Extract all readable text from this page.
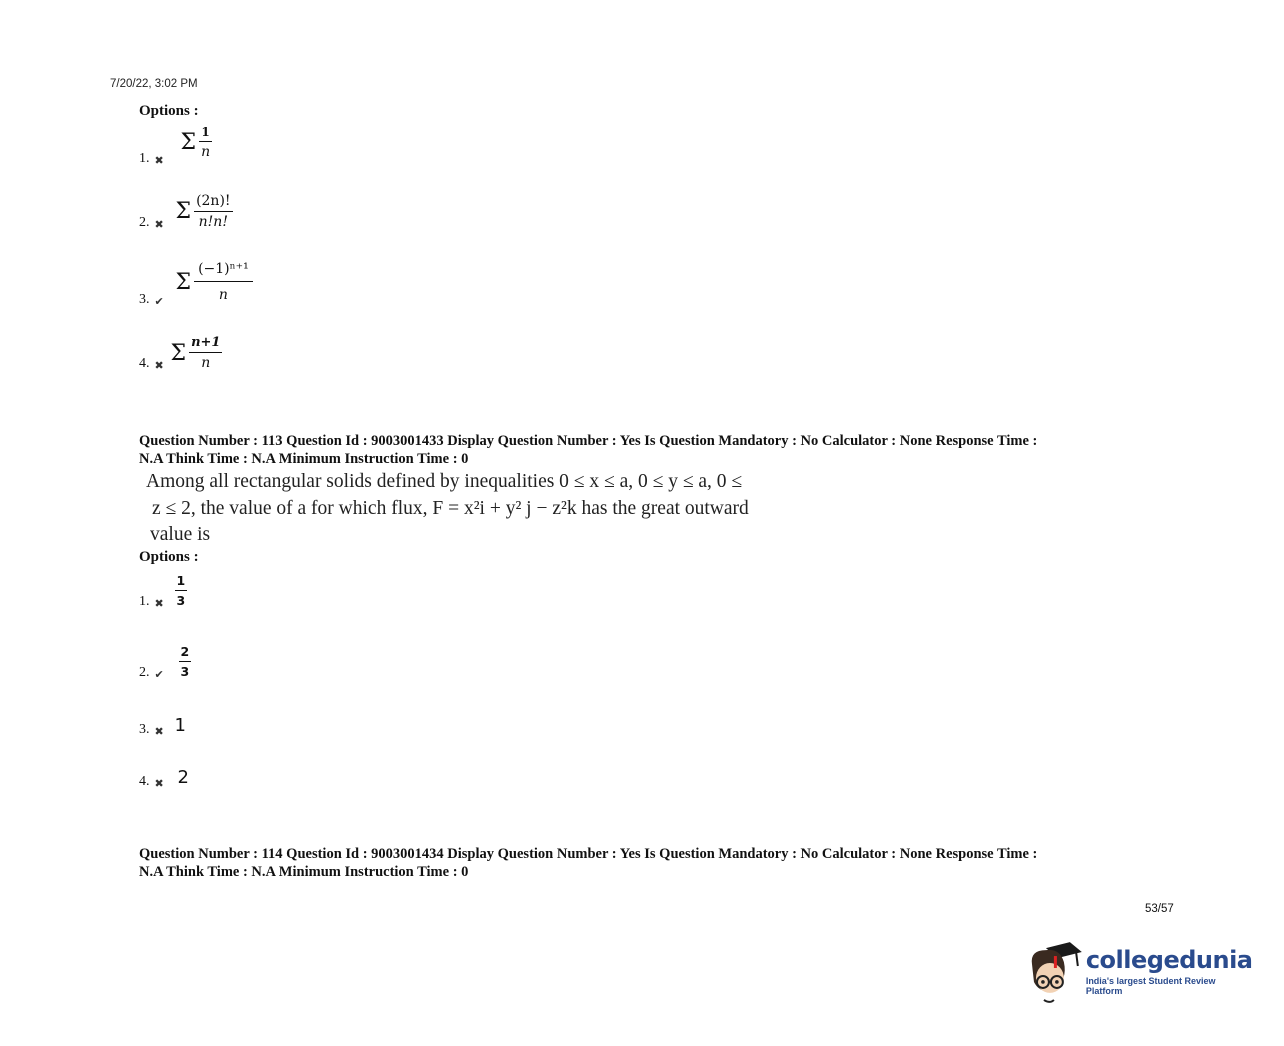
7/20/22, 3:02 PM
Options :
1. ✖
Σ $\frac{1}{n}$
2. ✖ Σ $\frac{(2n)!}{n!n!}$
3. ✔
Σ $\frac{\text{(−1)ⁿ⁺¹}}{n}$
4. ✖ Σ $\frac{n+1}{n}$
Question Number : 113 Question Id : 9003001433 Display Question Number : Yes Is Question Mandatory : No Calculator : None Response Time :
N.A Think Time : N.A Minimum Instruction Time : 0
Among all rectangular solids defined by inequalities 0 ≤ x ≤ a, 0 ≤ y ≤ a, 0 ≤
z ≤ 2, the value of a for which flux, F = x²i + y² j − z²k has the great outward
value is
Options :
1. ✖ $\frac{1}{3}$
2. ✔ $\frac{2}{3}$
3. ✖ 1
4. ✖ 2
Question Number : 114 Question Id : 9003001434 Display Question Number : Yes Is Question Mandatory : No Calculator : None Response Time :
N.A Think Time : N.A Minimum Instruction Time : 0
53/57
collegedunia
India's largest Student Review Platform
